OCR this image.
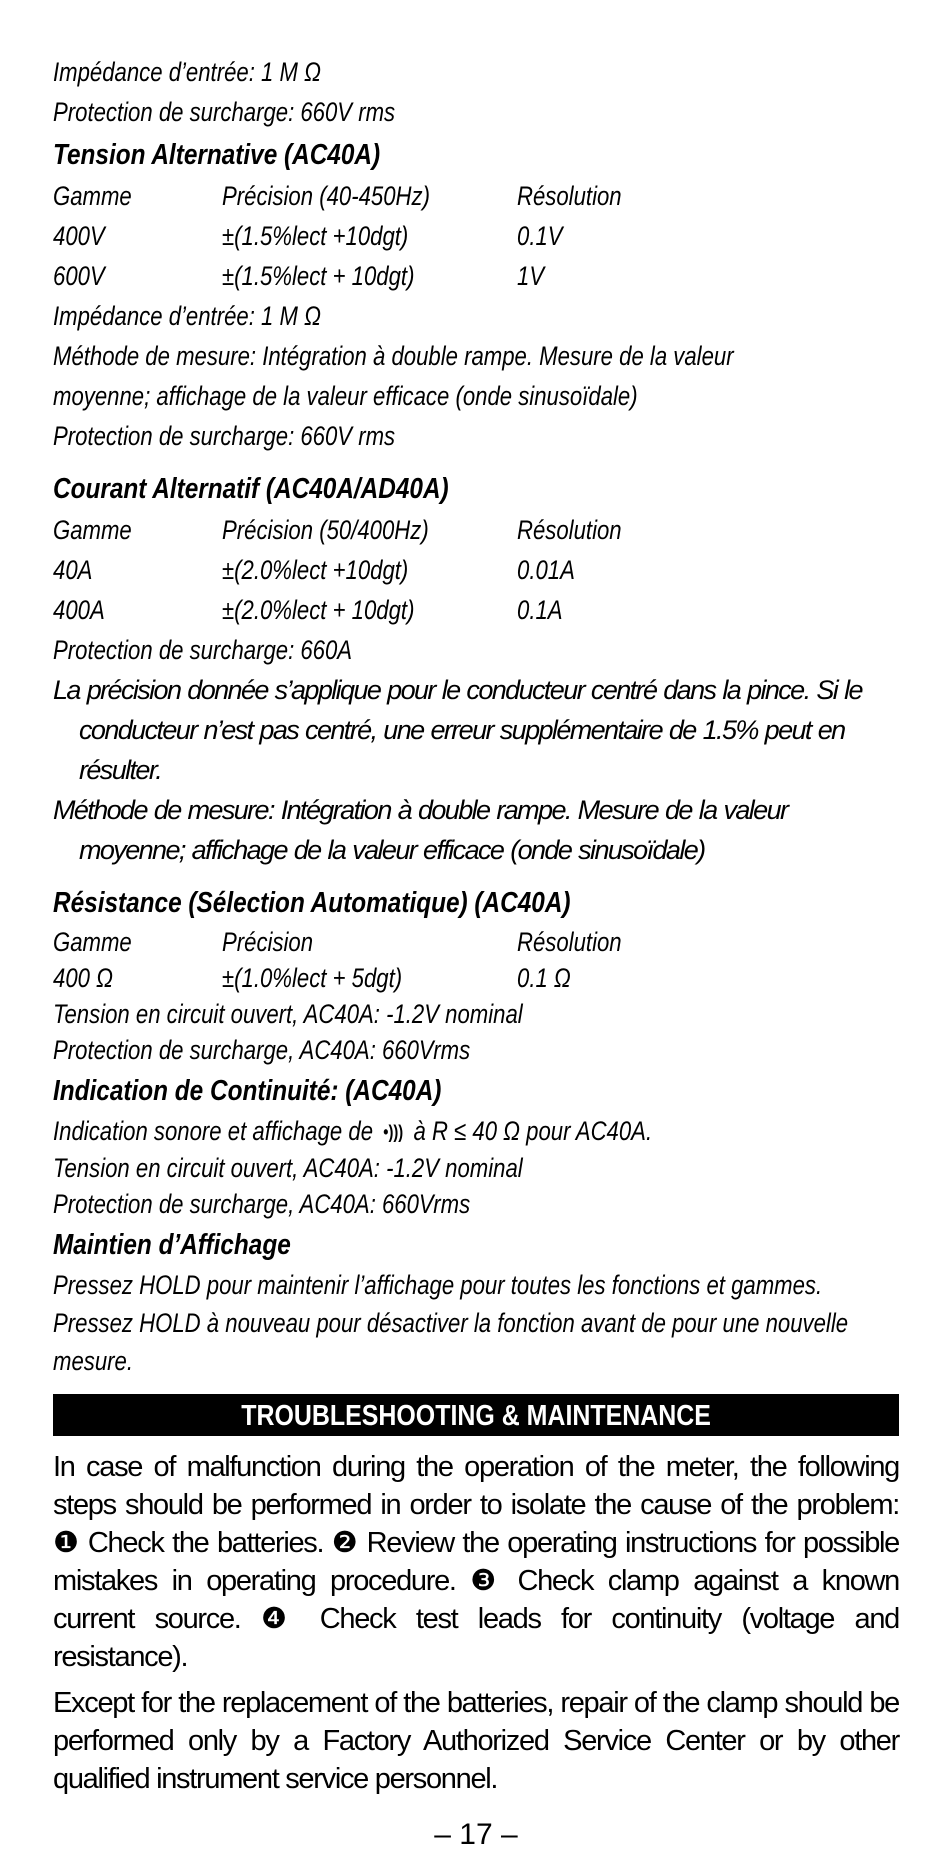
Impédance d’entrée: 1 M Ω
Protection de surcharge: 660V rms
Tension Alternative (AC40A)
Gamme	Précision (40-450Hz)	Résolution
400V	±(1.5%lect +10dgt)	0.1V
600V	±(1.5%lect + 10dgt)	1V
Impédance d’entrée: 1 M Ω
Méthode de mesure: Intégration à double rampe. Mesure de la valeur
moyenne; affichage de la valeur efficace (onde sinusoïdale)
Protection de surcharge: 660V rms
Courant Alternatif (AC40A/AD40A)
Gamme	Précision (50/400Hz)	Résolution
40A	±(2.0%lect +10dgt)	0.01A
400A	±(2.0%lect + 10dgt)	0.1A
Protection de surcharge: 660A
La précision donnée s’applique pour le conducteur centré dans la pince. Si le conducteur n’est pas centré, une erreur supplémentaire de 1.5% peut en résulter.
Méthode de mesure: Intégration à double rampe. Mesure de la valeur moyenne; affichage de la valeur efficace (onde sinusoïdale)
Résistance (Sélection Automatique) (AC40A)
Gamme	Précision	Résolution
400 Ω	±(1.0%lect + 5dgt)	0.1 Ω
Tension en circuit ouvert, AC40A: -1.2V nominal
Protection de surcharge, AC40A: 660Vrms
Indication de Continuité: (AC40A)
Indication sonore et affichage de  •)))  à R ≤ 40 Ω pour AC40A.
Tension en circuit ouvert, AC40A: -1.2V nominal
Protection de surcharge, AC40A: 660Vrms
Maintien d’Affichage
Pressez HOLD pour maintenir l’affichage pour toutes les fonctions et gammes.
Pressez HOLD à nouveau pour désactiver la fonction avant de pour une nouvelle
mesure.
TROUBLESHOOTING & MAINTENANCE
In case of malfunction during the operation of the meter, the following steps should be performed in order to isolate the cause of the problem: ❶ Check the batteries. ❷ Review the operating instructions for possible mistakes in operating procedure. ❸ Check clamp against a known current source. ❹ Check test leads for continuity (voltage and resistance).
Except for the replacement of the batteries, repair of the clamp should be performed only by a Factory Authorized Service Center or by other qualified instrument service personnel.
– 17 –
